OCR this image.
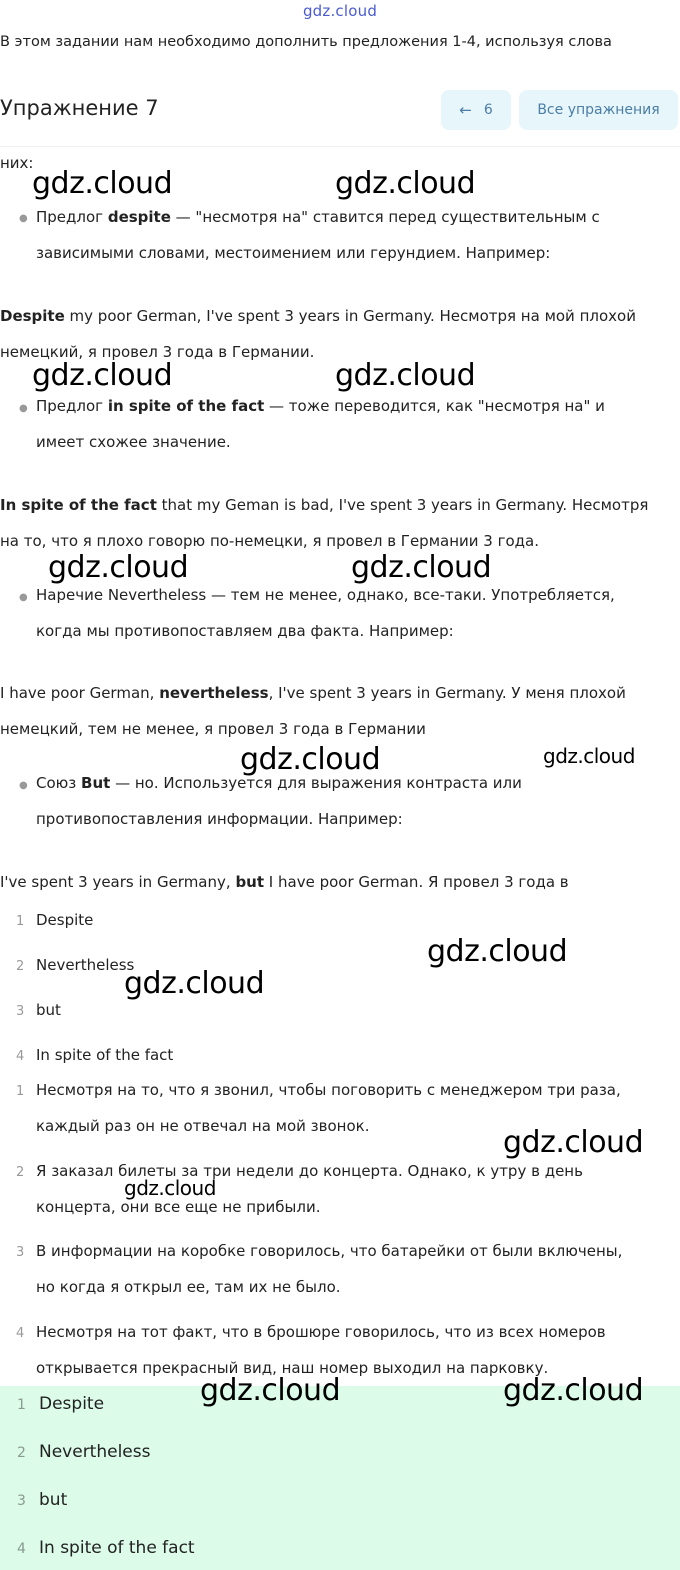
gdz.cloud
В этом задании нам необходимо дополнить предложения 1-4, используя слова
Упражнение 7	← 6	Все упражнения
них:
● Предлог despite — "несмотря на" ставится перед существительным с
зависимыми словами, местоимением или герундием. Например:
Despite my poor German, I've spent 3 years in Germany. Несмотря на мой плохой
немецкий, я провел 3 года в Германии.
● Предлог in spite of the fact — тоже переводится, как "несмотря на" и
имеет схожее значение.
In spite of the fact that my Geman is bad, I've spent 3 years in Germany. Несмотря
на то, что я плохо говорю по-немецки, я провел в Германии 3 года.
● Наречие Nevertheless — тем не менее, однако, все-таки. Употребляется,
когда мы противопоставляем два факта. Например:
I have poor German, nevertheless, I've spent 3 years in Germany. У меня плохой
немецкий, тем не менее, я провел 3 года в Германии
● Союз But — но. Используется для выражения контраста или
противопоставления информации. Например:
I've spent 3 years in Germany, but I have poor German. Я провел 3 года в
1 Despite
2 Nevertheless
3 but
4 In spite of the fact
1 Несмотря на то, что я звонил, чтобы поговорить с менеджером три раза,
каждый раз он не отвечал на мой звонок.
2 Я заказал билеты за три недели до концерта. Однако, к утру в день
концерта, они все еще не прибыли.
3 В информации на коробке говорилось, что батарейки от были включены,
но когда я открыл ее, там их не было.
4 Несмотря на тот факт, что в брошюре говорилось, что из всех номеров
открывается прекрасный вид, наш номер выходил на парковку.
1 Despite
2 Nevertheless
3 but
4 In spite of the fact
gdz.cloud	gdz.cloud
gdz.cloud	gdz.cloud
gdz.cloud	gdz.cloud
gdz.cloud	gdz.cloud
gdz.cloud
gdz.cloud
gdz.cloud
gdz.cloud
gdz.cloud	gdz.cloud
